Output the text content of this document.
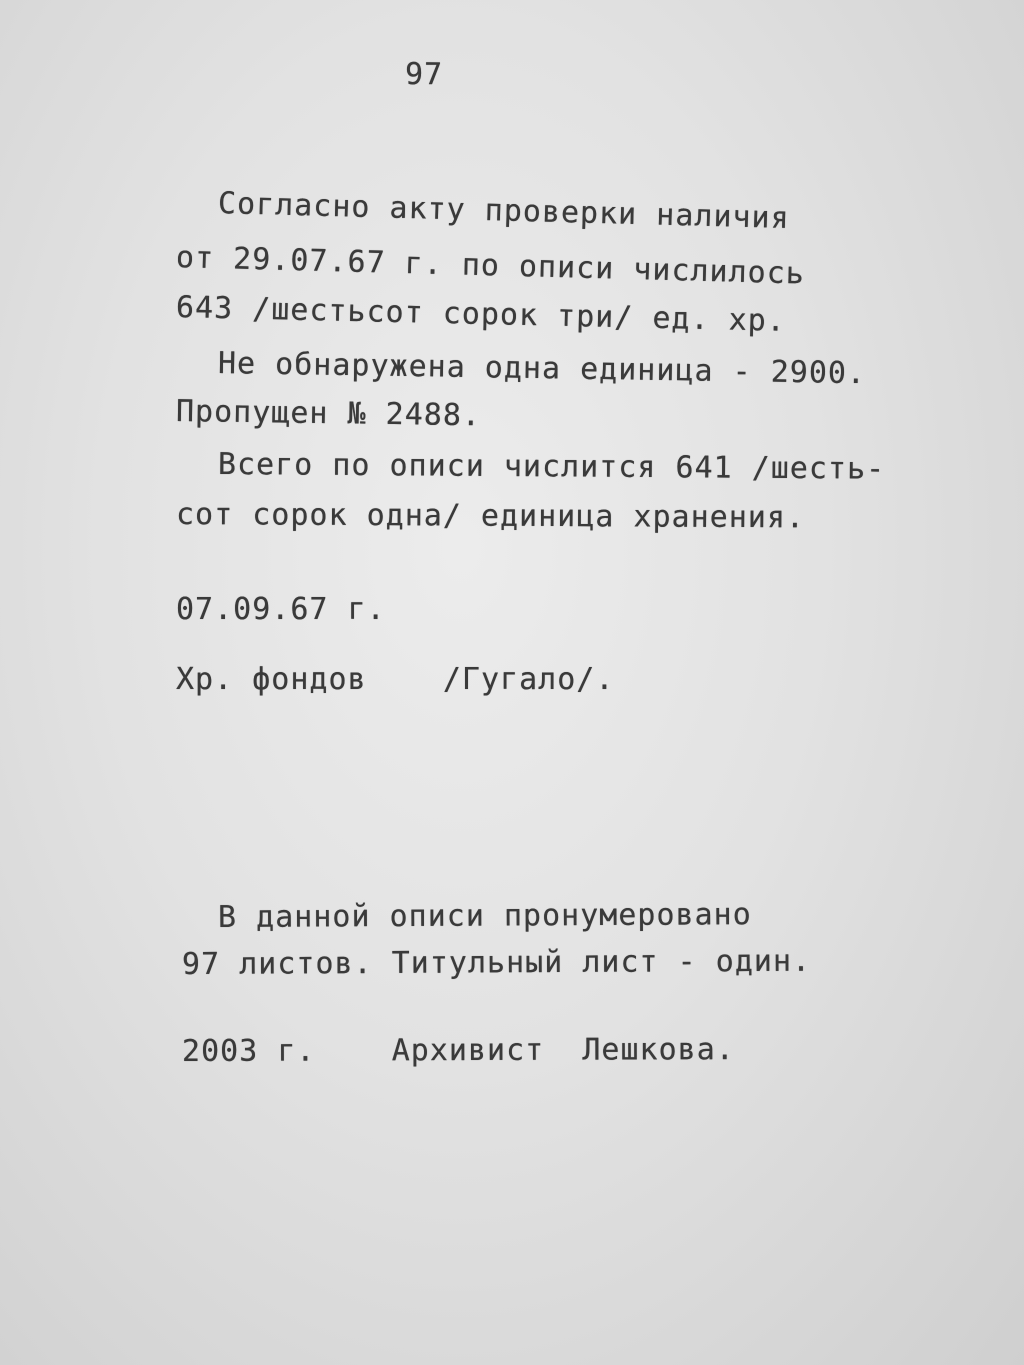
97
Согласно акту проверки наличия
от 29.07.67 г. по описи числилось
643 /шестьсот сорок три/ ед. хр.
Не обнаружена одна единица - 2900.
Пропущен № 2488.
Всего по описи числится 641 /шесть-
сот сорок одна/ единица хранения.
07.09.67 г.
Хр. фондов    /Гугало/.
В данной описи пронумеровано
97 листов. Титульный лист - один.
2003 г.    Архивист  Лешкова.
